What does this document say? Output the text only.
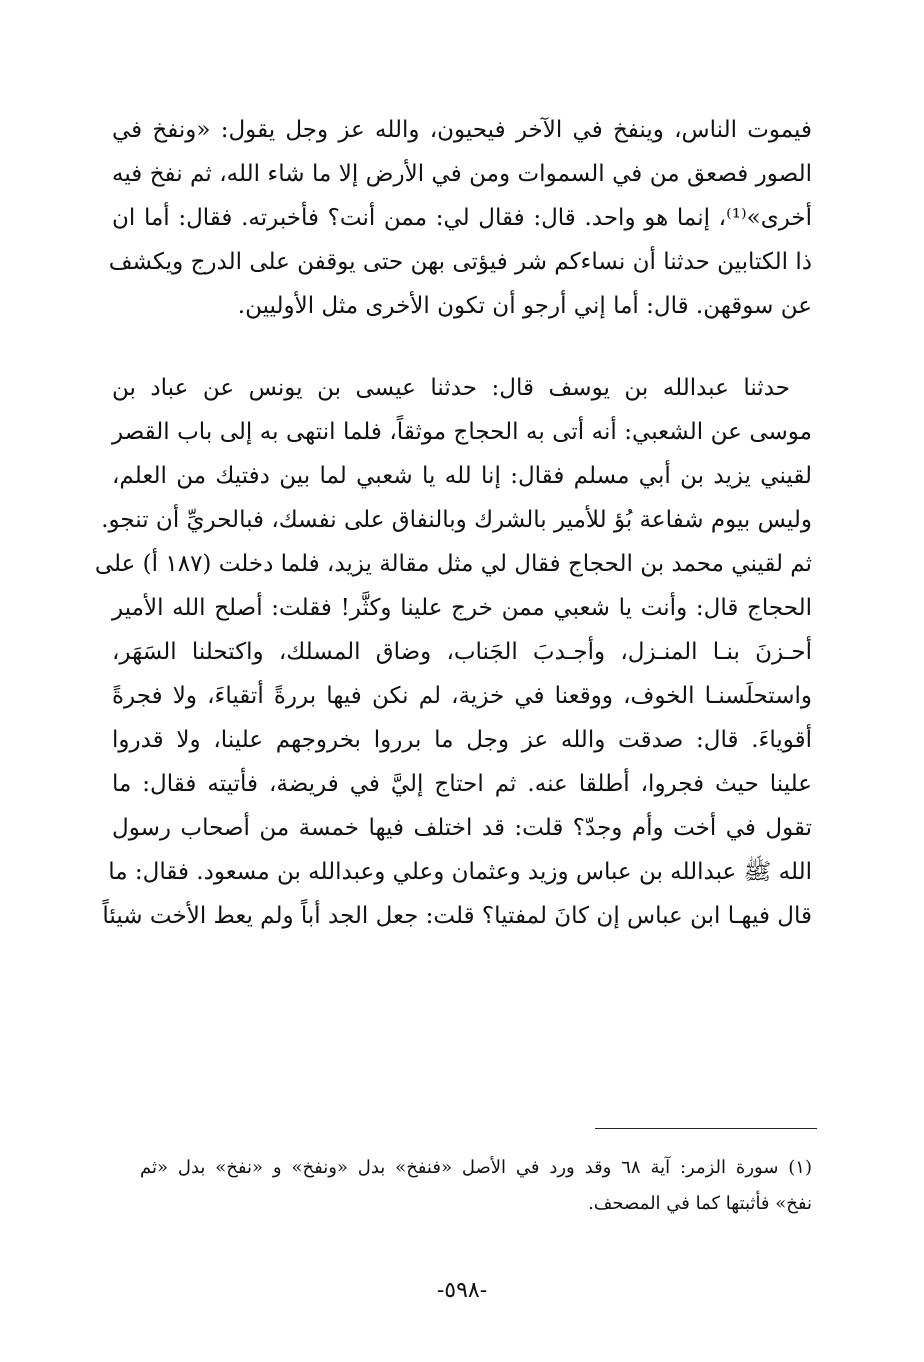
فيموت الناس، وينفخ في الآخر فيحيون، والله عز وجل يقول: «ونفخ في
الصور فصعق من في السموات ومن في الأرض إلا ما شاء الله، ثم نفخ فيه
أخرى»⁽¹⁾، إنما هو واحد. قال: فقال لي: ممن أنت؟ فأخبرته. فقال: أما ان
ذا الكتابين حدثنا أن نساءكم شر فيؤتى بهن حتى يوقفن على الدرج ويكشف
عن سوقهن. قال: أما إني أرجو أن تكون الأخرى مثل الأوليين.
حدثنا عبدالله بن يوسف قال: حدثنا عيسى بن يونس عن عباد بن
موسى عن الشعبي: أنه أتى به الحجاج موثقاً، فلما انتهى به إلى باب القصر
لقيني يزيد بن أبي مسلم فقال: إنا لله يا شعبي لما بين دفتيك من العلم،
وليس بيوم شفاعة بُؤ للأمير بالشرك وبالنفاق على نفسك، فبالحريِّ أن تنجو.
ثم لقيني محمد بن الحجاج فقال لي مثل مقالة يزيد، فلما دخلت (١٨٧ أ) على
الحجاج قال: وأنت يا شعبي ممن خرج علينا وكثَّر! فقلت: أصلح الله الأمير
أحـزنَ بنـا المنـزل، وأجـدبَ الجَناب، وضاق المسلك، واكتحلنا السَهَر،
واستحلَسنـا الخوف، ووقعنا في خزية، لم نكن فيها بررةً أتقياءَ، ولا فجرةً
أقوياءَ. قال: صدقت والله عز وجل ما برروا بخروجهم علينا، ولا قدروا
علينا حيث فجروا، أطلقا عنه. ثم احتاج إليَّ في فريضة، فأتيته فقال: ما
تقول في أخت وأم وجدّ؟ قلت: قد اختلف فيها خمسة من أصحاب رسول
الله ﷺ عبدالله بن عباس وزيد وعثمان وعلي وعبدالله بن مسعود. فقال: ما
قال فيهـا ابن عباس إن كانَ لمفتيا؟ قلت: جعل الجد أباً ولم يعط الأخت شيئاً
(١) سورة الزمر: آية ٦٨ وقد ورد في الأصل «فنفخ» بدل «ونفخ» و «نفخ» بدل «ثم
نفخ» فأثبتها كما في المصحف.
-٥٩٨-
